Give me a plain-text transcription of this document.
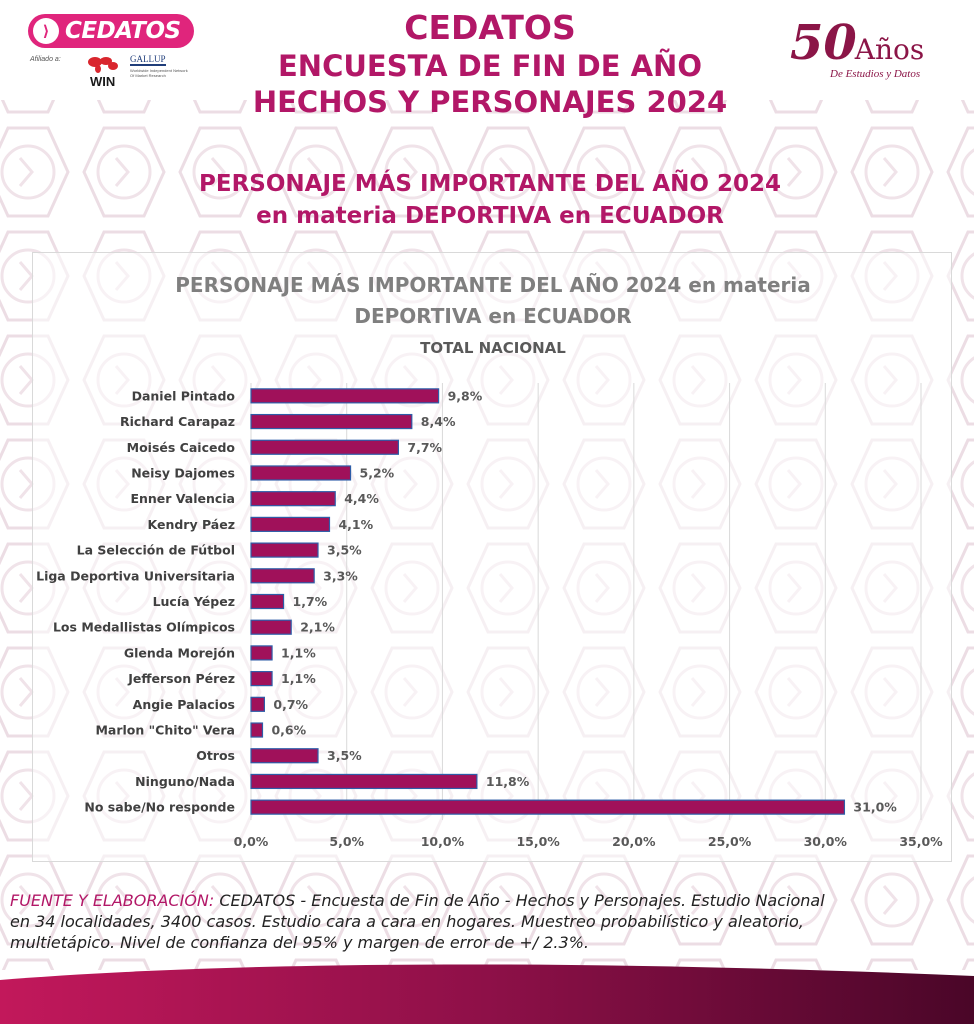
⟩ CEDATOS
Afiliado a:
WIN
GALLUP
Worldwide Independent Network Of Market Research
CEDATOS
ENCUESTA DE FIN DE AÑO
HECHOS Y PERSONAJES 2024
50Años
De Estudios y Datos
PERSONAJE MÁS IMPORTANTE DEL AÑO 2024
en materia DEPORTIVA en ECUADOR
PERSONAJE MÁS IMPORTANTE DEL AÑO 2024 en materia
DEPORTIVA en ECUADOR
TOTAL NACIONAL
0,0%	5,0%	10,0%	15,0%	20,0%	25,0%	30,0%	35,0%
Daniel Pintado	9,8%
Richard Carapaz	8,4%
Moisés Caicedo	7,7%
Neisy Dajomes	5,2%
Enner Valencia	4,4%
Kendry Páez	4,1%
La Selección de Fútbol	3,5%
Liga Deportiva Universitaria	3,3%
Lucía Yépez	1,7%
Los Medallistas Olímpicos	2,1%
Glenda Morejón	1,1%
Jefferson Pérez	1,1%
Angie Palacios	0,7%
Marlon "Chito" Vera	0,6%
Otros	3,5%
Ninguno/Nada	11,8%
No sabe/No responde	31,0%
FUENTE Y ELABORACIÓN: CEDATOS - Encuesta de Fin de Año - Hechos y Personajes. Estudio Nacional
en 34 localidades, 3400 casos. Estudio cara a cara en hogares. Muestreo probabilístico y aleatorio,
multietápico. Nivel de confianza del 95% y margen de error de +/ 2.3%.
